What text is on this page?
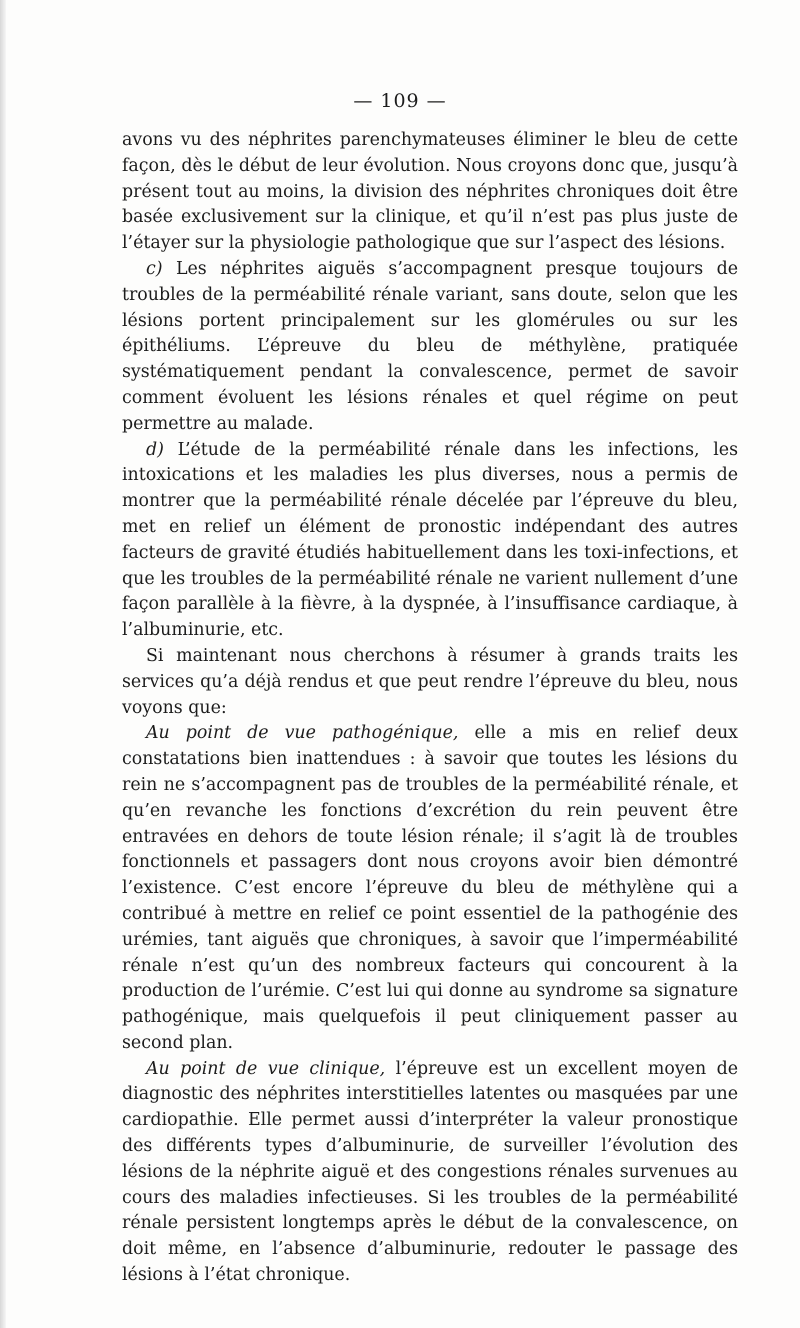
— 109 —

avons vu des néphrites parenchymateuses éliminer le bleu de cette façon, dès le début de leur évolution. Nous croyons donc que, jusqu’à présent tout au moins, la division des néphrites chroniques doit être basée exclusivement sur la clinique, et qu’il n’est pas plus juste de l’étayer sur la physiologie pathologique que sur l’aspect des lésions.

c) Les néphrites aiguës s’accompagnent presque toujours de troubles de la perméabilité rénale variant, sans doute, selon que les lésions portent principalement sur les glomérules ou sur les épithéliums. L’épreuve du bleu de méthylène, pratiquée systématiquement pendant la convalescence, permet de savoir comment évoluent les lésions rénales et quel régime on peut permettre au malade.

d) L’étude de la perméabilité rénale dans les infections, les intoxications et les maladies les plus diverses, nous a permis de montrer que la perméabilité rénale décelée par l’épreuve du bleu, met en relief un élément de pronostic indépendant des autres facteurs de gravité étudiés habituellement dans les toxi-infections, et que les troubles de la perméabilité rénale ne varient nullement d’une façon parallèle à la fièvre, à la dyspnée, à l’insuffisance cardiaque, à l’albuminurie, etc.

Si maintenant nous cherchons à résumer à grands traits les services qu’a déjà rendus et que peut rendre l’épreuve du bleu, nous voyons que:

Au point de vue pathogénique, elle a mis en relief deux constatations bien inattendues : à savoir que toutes les lésions du rein ne s’accompagnent pas de troubles de la perméabilité rénale, et qu’en revanche les fonctions d’excrétion du rein peuvent être entravées en dehors de toute lésion rénale; il s’agit là de troubles fonctionnels et passagers dont nous croyons avoir bien démontré l’existence. C’est encore l’épreuve du bleu de méthylène qui a contribué à mettre en relief ce point essentiel de la pathogénie des urémies, tant aiguës que chroniques, à savoir que l’imperméabilité rénale n’est qu’un des nombreux facteurs qui concourent à la production de l’urémie. C’est lui qui donne au syndrome sa signature pathogénique, mais quelquefois il peut cliniquement passer au second plan.

Au point de vue clinique, l’épreuve est un excellent moyen de diagnostic des néphrites interstitielles latentes ou masquées par une cardiopathie. Elle permet aussi d’interpréter la valeur pronostique des différents types d’albuminurie, de surveiller l’évolution des lésions de la néphrite aiguë et des congestions rénales survenues au cours des maladies infectieuses. Si les troubles de la perméabilité rénale persistent longtemps après le début de la convalescence, on doit même, en l’absence d’albuminurie, redouter le passage des lésions à l’état chronique.
